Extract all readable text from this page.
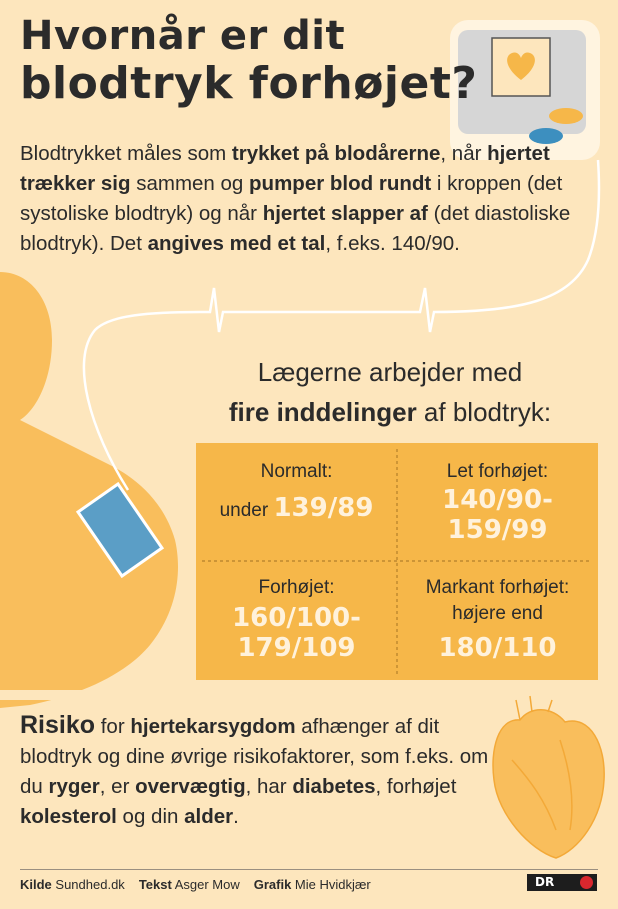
Hvornår er dit
blodtryk forhøjet?

Blodtrykket måles som trykket på blodårerne, når hjertet trækker sig sammen og pumper blod rundt i kroppen (det systoliske blodtryk) og når hjertet slapper af (det diastoliske blodtryk). Det angives med et tal, f.eks. 140/90.

Lægerne arbejder med
fire inddelinger af blodtryk:

Normalt:
under 139/89
Let forhøjet:
140/90-
159/99
Forhøjet:
160/100-
179/109
Markant forhøjet:
højere end
180/110

Risiko for hjertekarsygdom afhænger af dit blodtryk og dine øvrige risikofaktorer, som f.eks. om du ryger, er overvægtig, har diabetes, forhøjet kolesterol og din alder.

Kilde Sundhed.dk Tekst Asger Mow Grafik Mie Hvidkjær	DR
